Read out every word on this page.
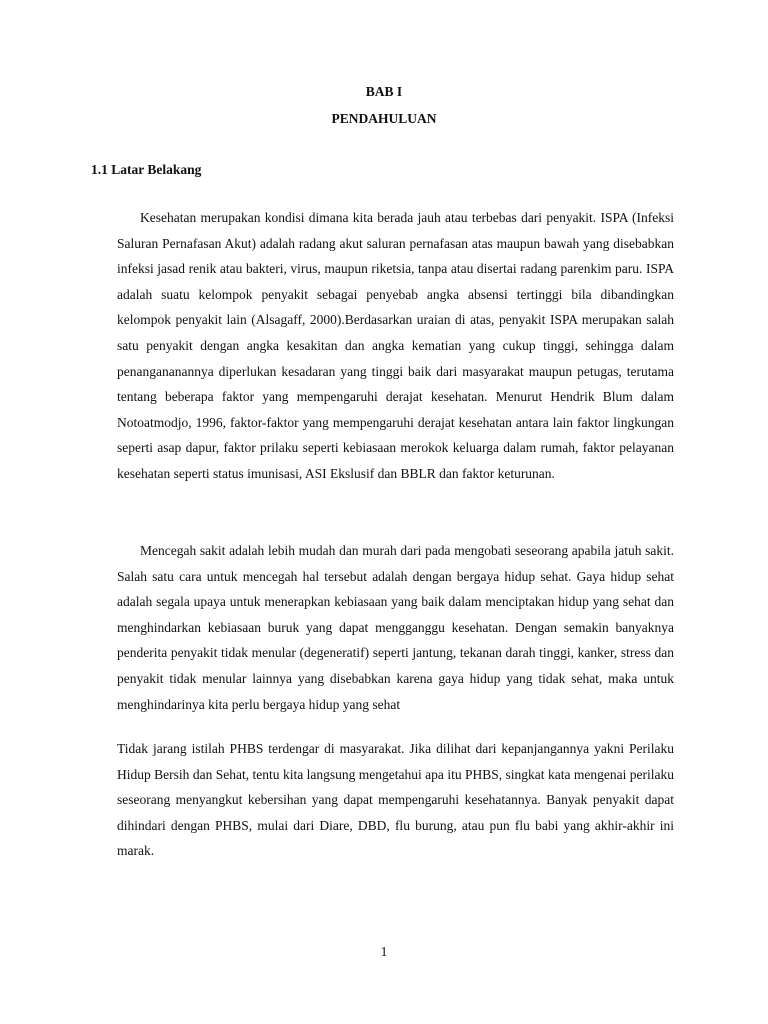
BAB I
PENDAHULUAN
1.1 Latar Belakang

Kesehatan merupakan kondisi dimana kita berada jauh atau terbebas dari penyakit. ISPA (Infeksi Saluran Pernafasan Akut) adalah radang akut saluran pernafasan atas maupun bawah yang disebabkan infeksi jasad renik atau bakteri, virus, maupun riketsia, tanpa atau disertai radang parenkim paru. ISPA adalah suatu kelompok penyakit sebagai penyebab angka absensi tertinggi bila dibandingkan kelompok penyakit lain (Alsagaff, 2000).Berdasarkan uraian di atas, penyakit ISPA merupakan salah satu penyakit dengan angka kesakitan dan angka kematian yang cukup tinggi, sehingga dalam penangananannya diperlukan kesadaran yang tinggi baik dari masyarakat maupun petugas, terutama tentang beberapa faktor yang mempengaruhi derajat kesehatan. Menurut Hendrik Blum dalam Notoatmodjo, 1996, faktor-faktor yang mempengaruhi derajat kesehatan antara lain faktor lingkungan seperti asap dapur, faktor prilaku seperti kebiasaan merokok keluarga dalam rumah, faktor pelayanan kesehatan seperti status imunisasi, ASI Ekslusif dan BBLR dan faktor keturunan.

Mencegah sakit adalah lebih mudah dan murah dari pada mengobati seseorang apabila jatuh sakit. Salah satu cara untuk mencegah hal tersebut adalah dengan bergaya hidup sehat. Gaya hidup sehat adalah segala upaya untuk menerapkan kebiasaan yang baik dalam menciptakan hidup yang sehat dan menghindarkan kebiasaan buruk yang dapat mengganggu kesehatan. Dengan semakin banyaknya penderita penyakit tidak menular (degeneratif) seperti jantung, tekanan darah tinggi, kanker, stress dan penyakit tidak menular lainnya yang disebabkan karena gaya hidup yang tidak sehat, maka untuk menghindarinya kita perlu bergaya hidup yang sehat

Tidak jarang istilah PHBS terdengar di masyarakat. Jika dilihat dari kepanjangannya yakni Perilaku Hidup Bersih dan Sehat, tentu kita langsung mengetahui apa itu PHBS, singkat kata mengenai perilaku seseorang menyangkut kebersihan yang dapat mempengaruhi kesehatannya. Banyak penyakit dapat dihindari dengan PHBS, mulai dari Diare, DBD, flu burung, atau pun flu babi yang akhir-akhir ini marak.

1
